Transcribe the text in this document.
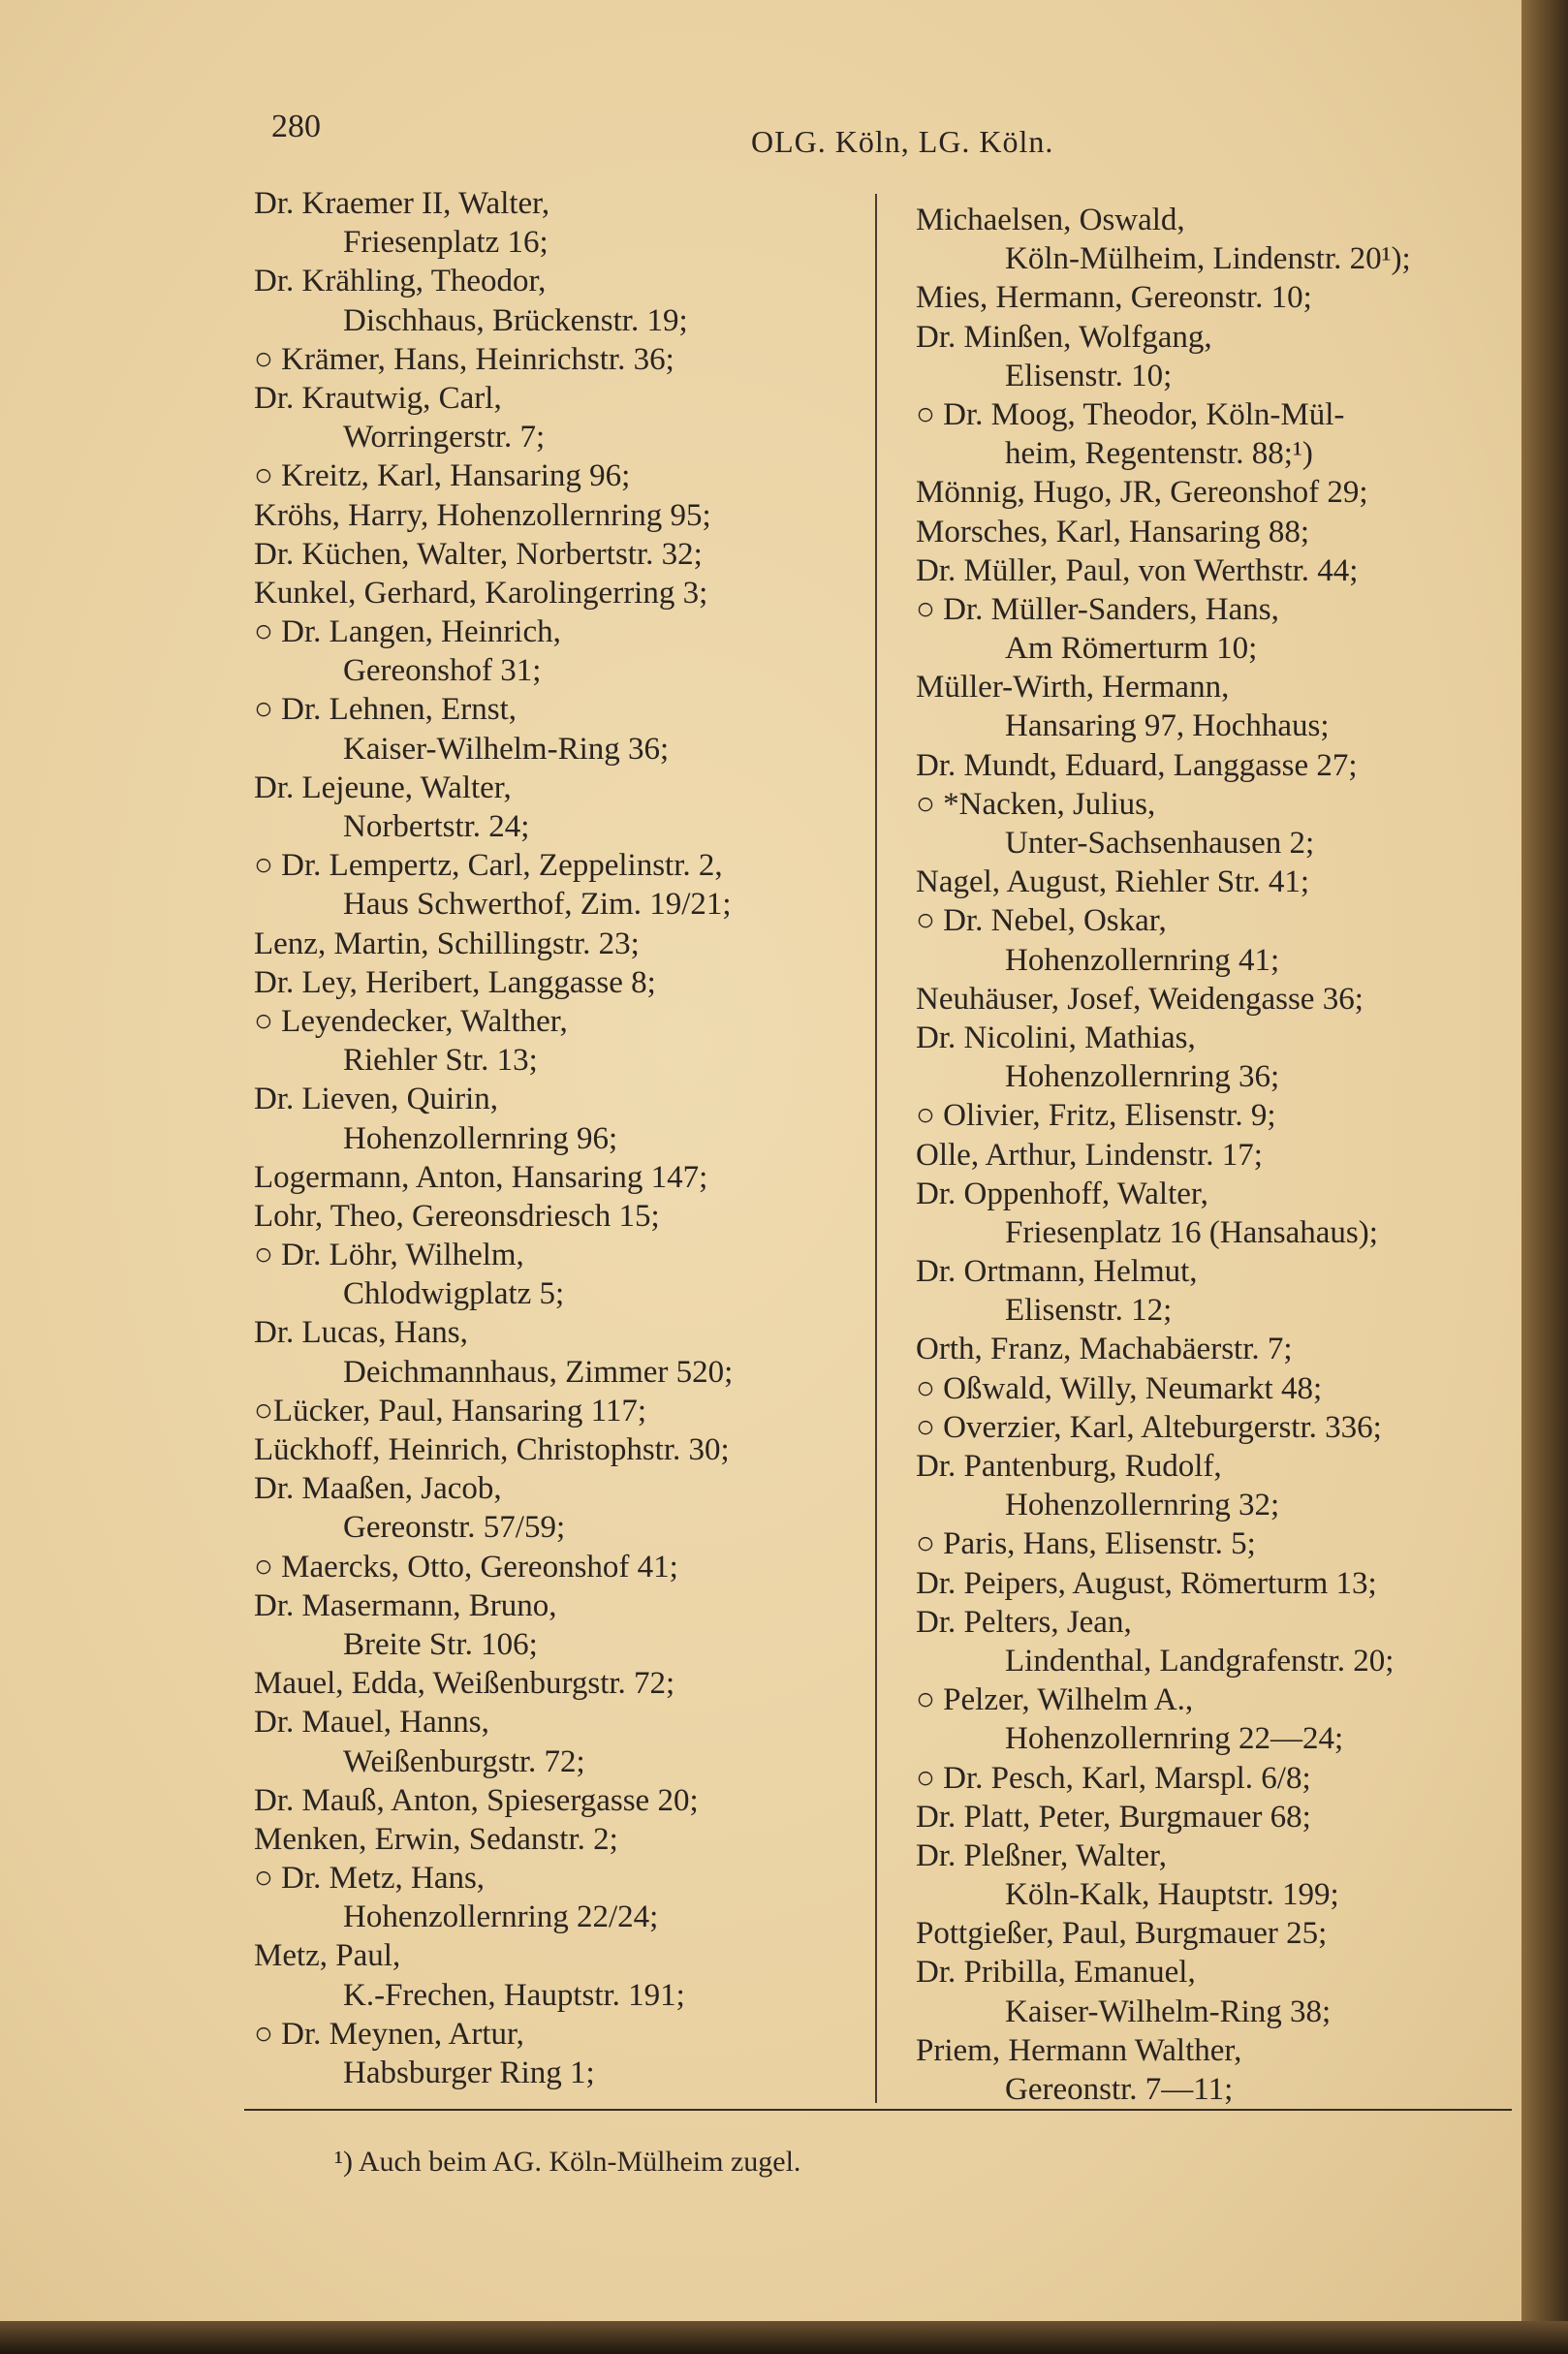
280	OLG. Köln, LG. Köln.
Dr. Kraemer II, Walter,
Friesenplatz 16;
Dr. Krähling, Theodor,
Dischhaus, Brückenstr. 19;
○ Krämer, Hans, Heinrichstr. 36;
Dr. Krautwig, Carl,
Worringerstr. 7;
○ Kreitz, Karl, Hansaring 96;
Kröhs, Harry, Hohenzollernring 95;
Dr. Küchen, Walter, Norbertstr. 32;
Kunkel, Gerhard, Karolingerring 3;
○ Dr. Langen, Heinrich,
Gereonshof 31;
○ Dr. Lehnen, Ernst,
Kaiser-Wilhelm-Ring 36;
Dr. Lejeune, Walter,
Norbertstr. 24;
○ Dr. Lempertz, Carl, Zeppelinstr. 2,
Haus Schwerthof, Zim. 19/21;
Lenz, Martin, Schillingstr. 23;
Dr. Ley, Heribert, Langgasse 8;
○ Leyendecker, Walther,
Riehler Str. 13;
Dr. Lieven, Quirin,
Hohenzollernring 96;
Logermann, Anton, Hansaring 147;
Lohr, Theo, Gereonsdriesch 15;
○ Dr. Löhr, Wilhelm,
Chlodwigplatz 5;
Dr. Lucas, Hans,
Deichmannhaus, Zimmer 520;
○Lücker, Paul, Hansaring 117;
Lückhoff, Heinrich, Christophstr. 30;
Dr. Maaßen, Jacob,
Gereonstr. 57/59;
○ Maercks, Otto, Gereonshof 41;
Dr. Masermann, Bruno,
Breite Str. 106;
Mauel, Edda, Weißenburgstr. 72;
Dr. Mauel, Hanns,
Weißenburgstr. 72;
Dr. Mauß, Anton, Spiesergasse 20;
Menken, Erwin, Sedanstr. 2;
○ Dr. Metz, Hans,
Hohenzollernring 22/24;
Metz, Paul,
K.-Frechen, Hauptstr. 191;
○ Dr. Meynen, Artur,
Habsburger Ring 1;
Michaelsen, Oswald,
Köln-Mülheim, Lindenstr. 20¹);
Mies, Hermann, Gereonstr. 10;
Dr. Minßen, Wolfgang,
Elisenstr. 10;
○ Dr. Moog, Theodor, Köln-Mül-
heim, Regentenstr. 88;¹)
Mönnig, Hugo, JR, Gereonshof 29;
Morsches, Karl, Hansaring 88;
Dr. Müller, Paul, von Werthstr. 44;
○ Dr. Müller-Sanders, Hans,
Am Römerturm 10;
Müller-Wirth, Hermann,
Hansaring 97, Hochhaus;
Dr. Mundt, Eduard, Langgasse 27;
○ *Nacken, Julius,
Unter-Sachsenhausen 2;
Nagel, August, Riehler Str. 41;
○ Dr. Nebel, Oskar,
Hohenzollernring 41;
Neuhäuser, Josef, Weidengasse 36;
Dr. Nicolini, Mathias,
Hohenzollernring 36;
○ Olivier, Fritz, Elisenstr. 9;
Olle, Arthur, Lindenstr. 17;
Dr. Oppenhoff, Walter,
Friesenplatz 16 (Hansahaus);
Dr. Ortmann, Helmut,
Elisenstr. 12;
Orth, Franz, Machabäerstr. 7;
○ Oßwald, Willy, Neumarkt 48;
○ Overzier, Karl, Alteburgerstr. 336;
Dr. Pantenburg, Rudolf,
Hohenzollernring 32;
○ Paris, Hans, Elisenstr. 5;
Dr. Peipers, August, Römerturm 13;
Dr. Pelters, Jean,
Lindenthal, Landgrafenstr. 20;
○ Pelzer, Wilhelm A.,
Hohenzollernring 22—24;
○ Dr. Pesch, Karl, Marspl. 6/8;
Dr. Platt, Peter, Burgmauer 68;
Dr. Pleßner, Walter,
Köln-Kalk, Hauptstr. 199;
Pottgießer, Paul, Burgmauer 25;
Dr. Pribilla, Emanuel,
Kaiser-Wilhelm-Ring 38;
Priem, Hermann Walther,
Gereonstr. 7—11;
¹) Auch beim AG. Köln-Mülheim zugel.
